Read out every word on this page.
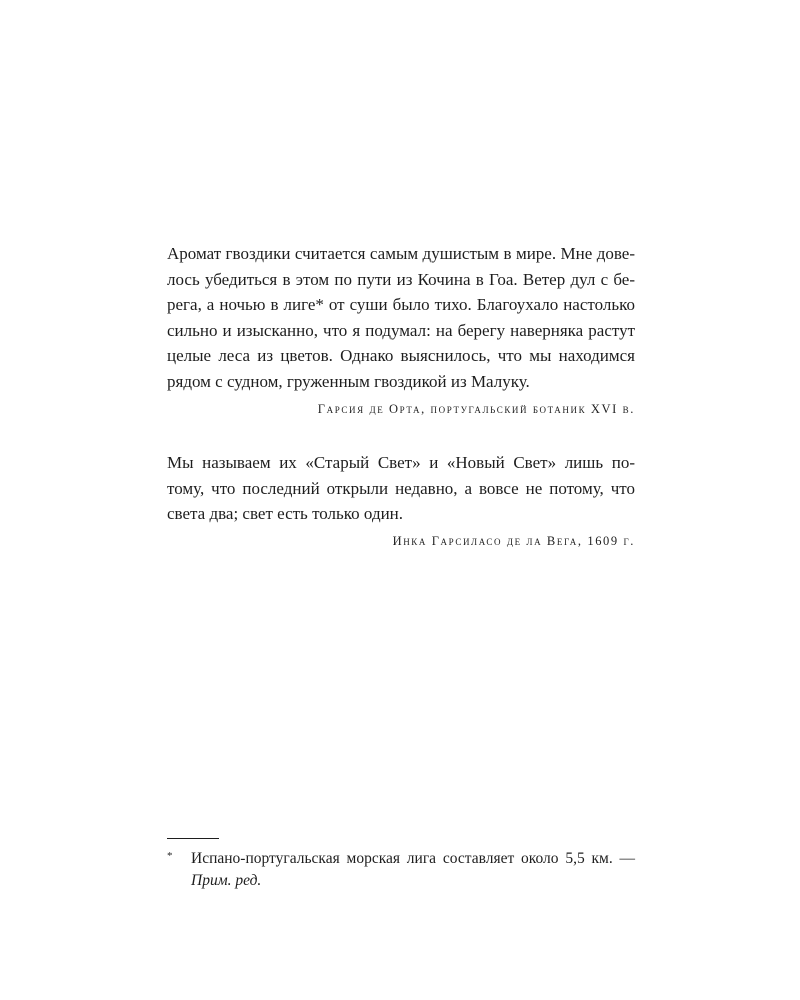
Аромат гвоздики считается самым душистым в мире. Мне дове-
лось убедиться в этом по пути из Кочина в Гоа. Ветер дул с бе-
рега, а ночью в лиге* от суши было тихо. Благоухало настолько
сильно и изысканно, что я подумал: на берегу наверняка растут
целые леса из цветов. Однако выяснилось, что мы находимся
рядом с судном, груженным гвоздикой из Малуку.
Гарсия де Орта, португальский ботаник XVI в.
Мы называем их «Старый Свет» и «Новый Свет» лишь по-
тому, что последний открыли недавно, а вовсе не потому, что
света два; свет есть только один.
Инка Гарсиласо де ла Вега, 1609 г.
*	Испано-португальская морская лига составляет около 5,5 км. —
Прим. ред.
